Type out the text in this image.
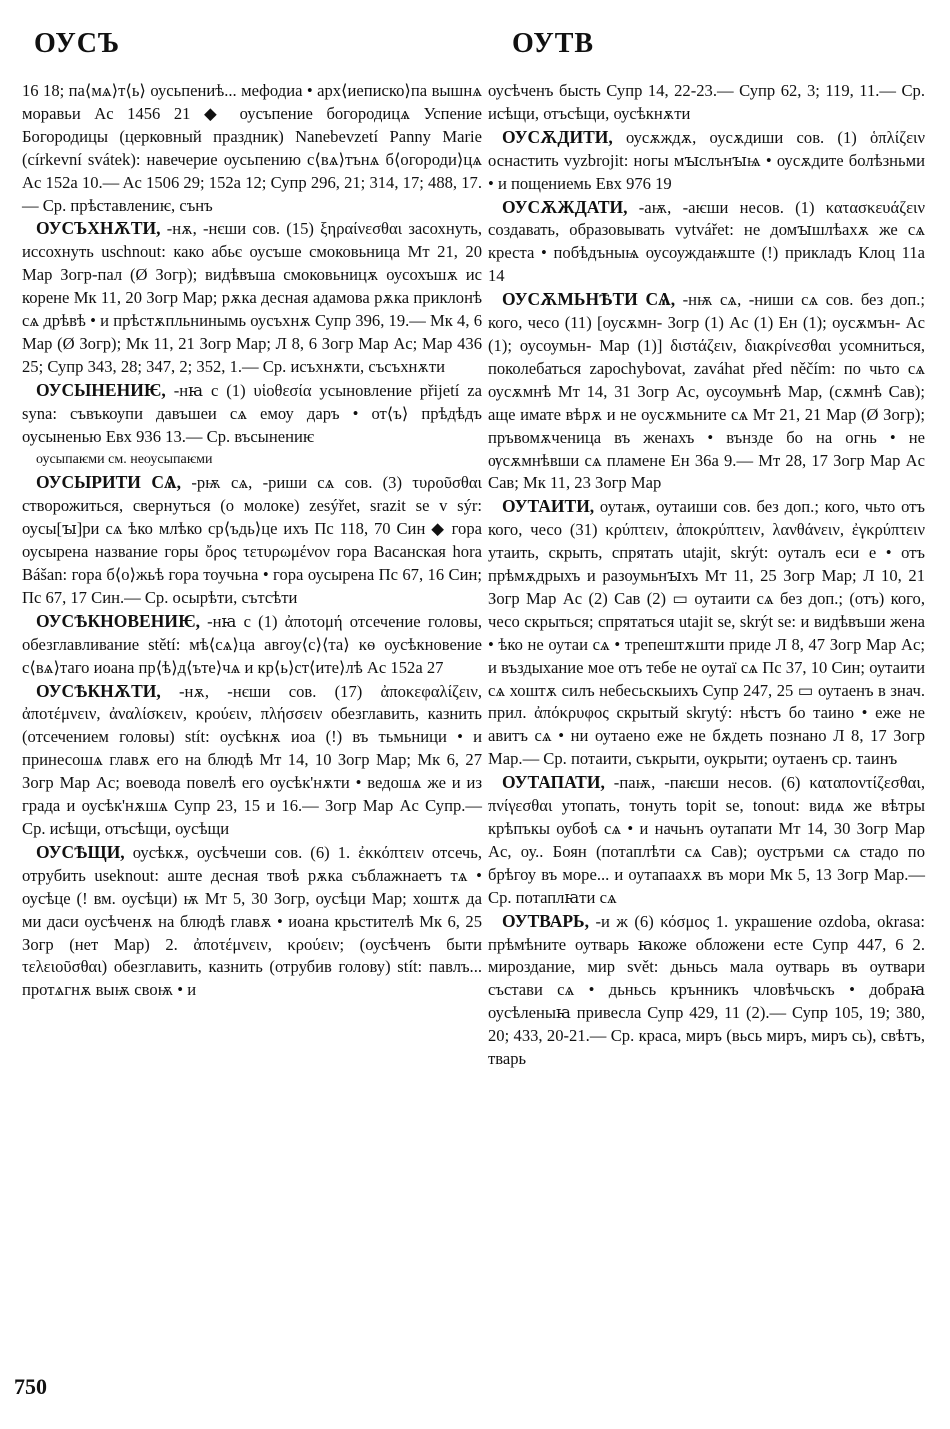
ОУСЪ	ОУТВ

16 18; па⟨мѧ⟩т⟨ь⟩ оусьпениѣ... мефодиа • арх⟨иеписко⟩па вышнѧ моравьи Ac 1456 21 ◆ оусъпение богородицѧ Успение Богородицы (церковный праздник) Nanebevzetí Panny Marie (církevní svátek): навечерие оусьпению с⟨вѧ⟩тънѧ б⟨огороди⟩цѧ Ac 152a 10.— Ac 1506 29; 152a 12; Супр 296, 21; 314, 17; 488, 17.— Ср. прѣставлениѥ, сънъ

ОУСЪХНѪТИ, -нѫ, -нєши сов. (15) ξηραίνεσθαι засохнуть, иссохнуть uschnout: како абьє оусъше смоковьница Мт 21, 20 Мар Зогр-пал (Ø Зогр); видѣвъша смоковьницѫ оусохъшѫ ис корене Мк 11, 20 Зогр Мар; рѫка десная адамова рѫка приклонѣ сѧ дрѣвѣ • и прѣстѫпльнинымь оусъхнѫ Супр 396, 19.— Мк 4, 6 Мар (Ø Зогр); Мк 11, 21 Зогр Мар; Л 8, 6 Зогр Мар Ac; Мар 436 25; Супр 343, 28; 347, 2; 352, 1.— Ср. исъхнѫти, съсъхнѫти

ОУСЫНЕНИѤ, -нꙗ с (1) υἱοθεσία усыновление přijetí za syna: съвъкоупи давъшеи сѧ емоу даръ • от⟨ъ⟩ прѣдѣдъ оусыненью Евх 936 13.— Ср. въсынениѥ

оусыпаѥми см. неоусыпаѥми

ОУСЫРИТИ СѦ, -рѭ сѧ, -риши сѧ сов. (3) τυροῦσθαι створожиться, свернуться (о молоке) zesýřet, srazit se v sýr: оусы[ꙑ]ри сѧ ѣко млѣко ср⟨ъдь⟩це ихъ Пс 118, 70 Син ◆ гора оусырена название горы ὄρος τετυρωμένον гора Васанская hora Bášan: гора б⟨о⟩жьѣ гора тоучьна • гора оусырена Пс 67, 16 Син; Пс 67, 17 Син.— Ср. осырѣти, сътсѣти

ОУСѢКНОВЕНИѤ, -нꙗ с (1) ἀποτομή отсечение головы, обезглавливание stětí: мѣ⟨сѧ⟩ца авгоу⟨с⟩⟨та⟩ ĸѳ оусѣкновение с⟨вѧ⟩таго иоана пр⟨ѣ⟩д⟨ъте⟩чѧ и кр⟨ь⟩ст⟨ите⟩лѣ Ac 152a 27

ОУСѢКНѪТИ, -нѫ, -нєши сов. (17) ἀποκεφαλίζειν, ἀποτέμνειν, ἀναλίσκειν, κρούειν, πλήσσειν обезглавить, казнить (отсечением головы) stít: оусѣкнѫ иоа (!) въ тьмьници • и принесошѧ главѫ его на блюдѣ Мт 14, 10 Зогр Мар; Мк 6, 27 Зогр Мар Ac; воевода повелѣ его оусѣк'нѫти • ведошѧ же и из града и оусѣк'нѫшѧ Супр 23, 15 и 16.— Зогр Мар Ac Супр.— Ср. исѣщи, отъсѣщи, оусѣщи

ОУСѢЩИ, оусѣкѫ, оусѣчеши сов. (6) 1. ἐκκόπτειν отсечь, отрубить useknout: аште десная твоѣ рѫка съблажнаетъ тѧ • оусѣце (! вм. оусѣци) ѭ Мт 5, 30 Зогр, оусѣци Мар; хоштѫ да ми даси оусѣченѫ на блюдѣ главѫ • иоана крьстителѣ Мк 6, 25 Зогр (нет Мар) 2. ἀποτέμνειν, κρούειν; (оусѣченъ быти τελειοῦσθαι) обезглавить, казнить (отрубив голову) stít: павлъ... протѧгнѫ выѭ своѭ • и

оусѣченъ бысть Супр 14, 22-23.— Супр 62, 3; 119, 11.— Ср. исѣщи, отъсѣщи, оусѣкнѫти

ОУСѪДИТИ, оусѫждѫ, оусѫдиши сов. (1) ὁπλίζειν оснастить vyzbrojit: ногы мꙑслънꙑѩ • оусѫдите болѣзньми • и пощениемь Евх 976 19

ОУСѪЖДАТИ, -аѭ, -аѥши несов. (1) κατασκευάζειν создавать, образовывать vytvářet: не домꙑшлѣахѫ же сѧ креста • побѣдъныѩ оусоуждаѭште (!) прикладъ Клоц 11а 14

ОУСѪМЬНѢТИ СѦ, -нѭ сѧ, -ниши сѧ сов. без доп.; кого, чесо (11) [оусѫмн- Зогр (1) Ac (1) Ен (1); оусѫмън- Ac (1); оусоумьн- Мар (1)] διστάζειν, διακρίνεσθαι усомниться, поколебаться zapochybovat, zaváhat před něčím: по чьто сѧ оусѫмнѣ Мт 14, 31 Зогр Ac, оусоумьнѣ Мар, (сѫмнѣ Сав); аще имате вѣрѫ и не оусѫмьните сѧ Мт 21, 21 Мар (Ø Зогр); пръвомѫченица въ женахъ • вънзде бо на огнь • не ѹсѫмнѣвши сѧ пламене Ен 36а 9.— Мт 28, 17 Зогр Мар Ac Сав; Мк 11, 23 Зогр Мар

ОУТАИТИ, оутаѭ, оутаиши сов. без доп.; кого, чьто отъ кого, чесо (31) κρύπτειν, ἀποκρύπτειν, λανθάνειν, ἐγκρύπτειν утаить, скрыть, спрятать utajit, skrýt: оуталъ еси е • отъ прѣмѫдрыхъ и разоумьнꙑхъ Мт 11, 25 Зогр Мар; Л 10, 21 Зогр Мар Ac (2) Сав (2) ▭ оутаити сѧ без доп.; (отъ) кого, чесо скрыться; спрятаться utajit se, skrýt se: и видѣвъши жена • ѣко не оутаи сѧ • трепештѫшти приде Л 8, 47 Зогр Мар Ac; и въздыхание мое отъ тебе не оутаї сѧ Пс 37, 10 Син; оутаити сѧ хоштѫ силъ небесьскыихъ Супр 247, 25 ▭ оутаенъ в знач. прил. ἀπόκρυφος скрытый skrytý: нѣстъ бо таино • еже не авитъ сѧ • ни оутаено еже не бѫдеть познано Л 8, 17 Зогр Мар.— Ср. потаити, съкрыти, оукрыти; оутаенъ ср. таинъ

ОУТАПАТИ, -паѭ, -паѥши несов. (6) καταποντίζεσθαι, πνίγεσθαι утопать, тонуть topit se, tonout: видѧ же вѣтры крѣпъкы оубоѣ сѧ • и начьнъ оутапати Мт 14, 30 Зогр Мар Ac, оу.. Боян (потаплѣти сѧ Сав); оустръми сѧ стадо по брѣгоу въ море... и оутапаахѫ въ мори Мк 5, 13 Зогр Мар.— Ср. потаплꙗти сѧ

ОУТВАРЬ, -и ж (6) κόσμος 1. украшение ozdoba, okrasa: прѣмѣните оутварь ꙗкоже обложени есте Супр 447, 6 2. мироздание, мир svět: дьньсь мала оутварь въ оутвари състави сѧ • дьньсь крънникъ чловѣчьскъ • добраꙗ оусѣленыꙗ привесла Супр 429, 11 (2).— Супр 105, 19; 380, 20; 433, 20-21.— Ср. краса, миръ (вьсь миръ, миръ сь), свѣтъ, тварь

750
